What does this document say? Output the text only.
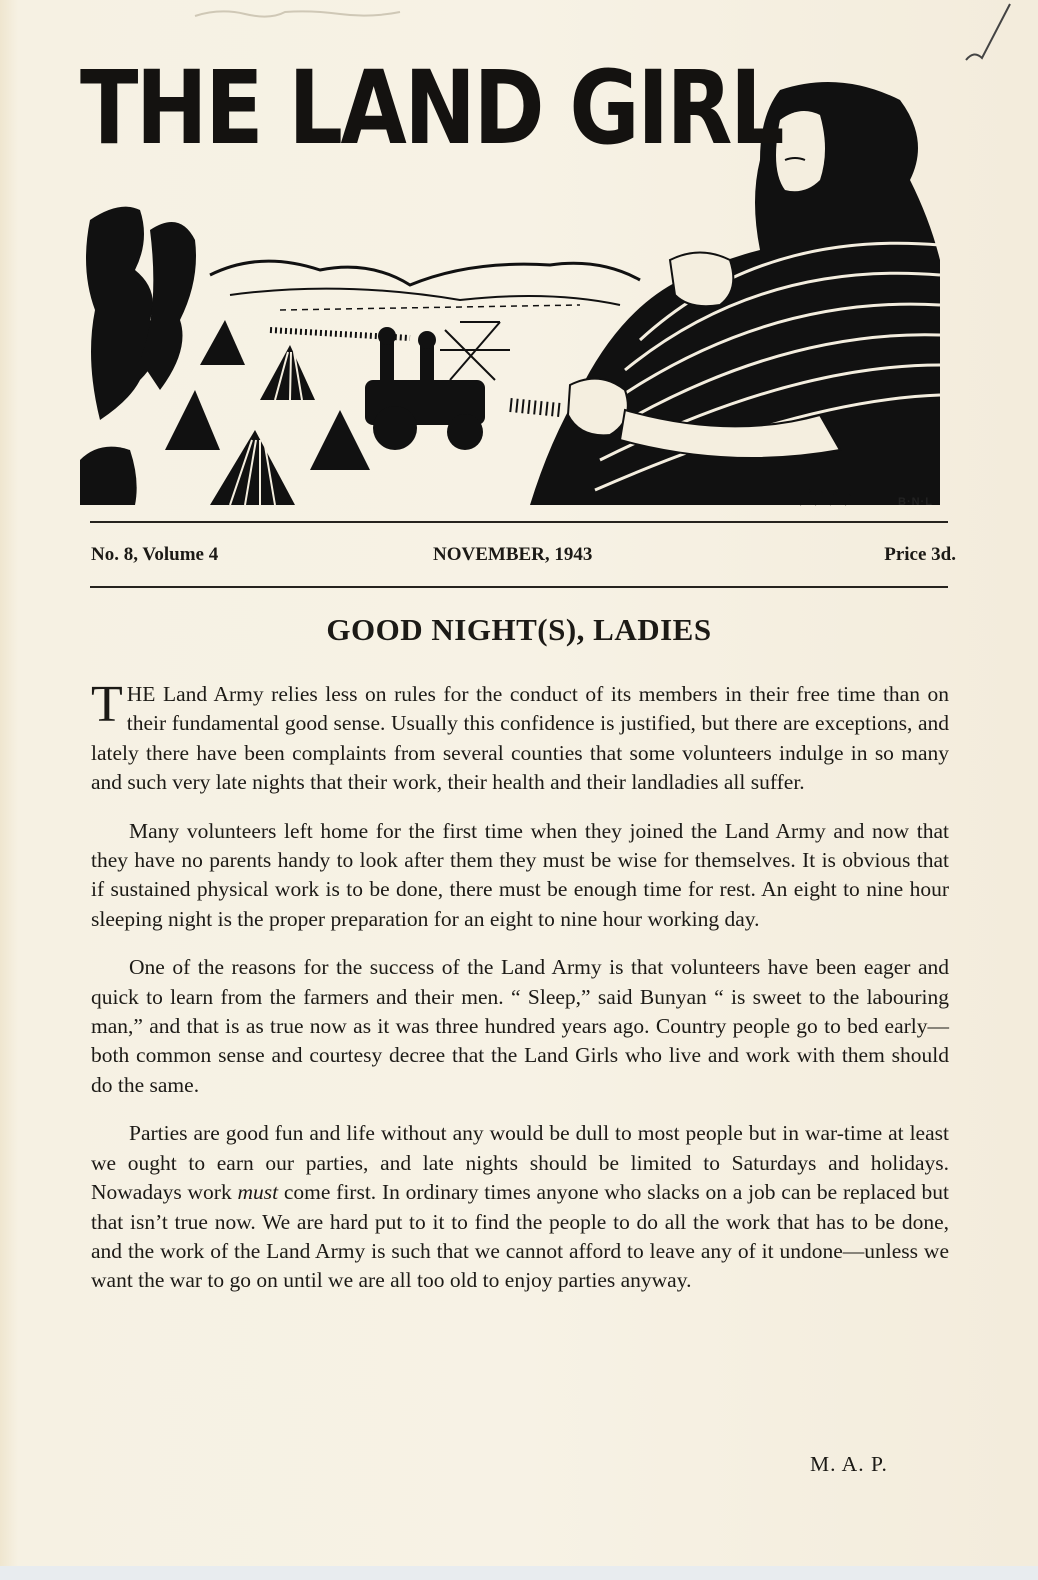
THE LAND GIRL
B·N·L
No. 8, Volume 4	NOVEMBER, 1943	Price 3d.
GOOD NIGHT(S), LADIES

THE Land Army relies less on rules for the conduct of its members in their free time than on their fundamental good sense. Usually this confidence is justified, but there are exceptions, and lately there have been complaints from several counties that some volunteers indulge in so many and such very late nights that their work, their health and their landladies all suffer.

Many volunteers left home for the first time when they joined the Land Army and now that they have no parents handy to look after them they must be wise for themselves. It is obvious that if sustained physical work is to be done, there must be enough time for rest. An eight to nine hour sleeping night is the proper preparation for an eight to nine hour working day.

One of the reasons for the success of the Land Army is that volunteers have been eager and quick to learn from the farmers and their men. “ Sleep,” said Bunyan “ is sweet to the labouring man,” and that is as true now as it was three hundred years ago. Country people go to bed early—both common sense and courtesy decree that the Land Girls who live and work with them should do the same.

Parties are good fun and life without any would be dull to most people but in war-time at least we ought to earn our parties, and late nights should be limited to Saturdays and holidays. Nowadays work must come first. In ordinary times anyone who slacks on a job can be replaced but that isn’t true now. We are hard put to it to find the people to do all the work that has to be done, and the work of the Land Army is such that we cannot afford to leave any of it undone—unless we want the war to go on until we are all too old to enjoy parties anyway.

M. A. P.
